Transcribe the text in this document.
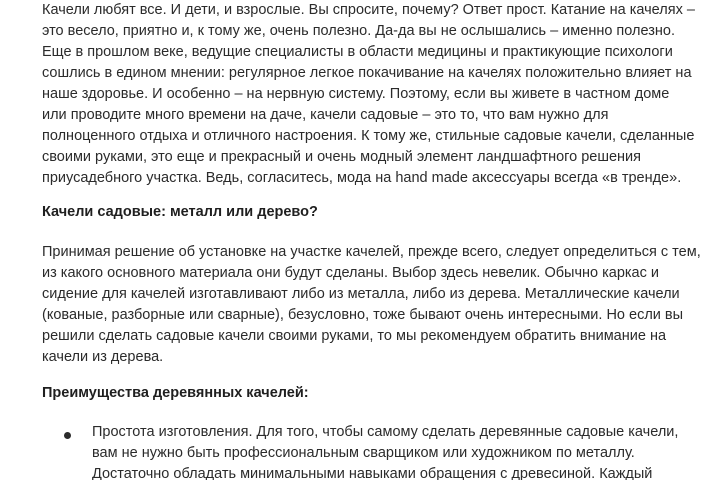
Качели любят все. И дети, и взрослые. Вы спросите, почему? Ответ прост. Катание на качелях –
это весело, приятно и, к тому же, очень полезно. Да-да вы не ослышались – именно полезно.
Еще в прошлом веке, ведущие специалисты в области медицины и практикующие психологи
сошлись в едином мнении: регулярное легкое покачивание на качелях положительно влияет на
наше здоровье. И особенно – на нервную систему. Поэтому, если вы живете в частном доме
или проводите много времени на даче, качели садовые – это то, что вам нужно для
полноценного отдыха и отличного настроения. К тому же, стильные садовые качели, сделанные
своими руками, это еще и прекрасный и очень модный элемент ландшафтного решения
приусадебного участка. Ведь, согласитесь, мода на hand made аксессуары всегда «в тренде».
Качели садовые: металл или дерево?
Принимая решение об установке на участке качелей, прежде всего, следует определиться с тем,
из какого основного материала они будут сделаны. Выбор здесь невелик. Обычно каркас и
сидение для качелей изготавливают либо из металла, либо из дерева. Металлические качели
(кованые, разборные или сварные), безусловно, тоже бывают очень интересными. Но если вы
решили сделать садовые качели своими руками, то мы рекомендуем обратить внимание на
качели из дерева.
Преимущества деревянных качелей:
Простота изготовления. Для того, чтобы самому сделать деревянные садовые качели,
вам не нужно быть профессиональным сварщиком или художником по металлу.
Достаточно обладать минимальными навыками обращения с древесиной. Каждый
